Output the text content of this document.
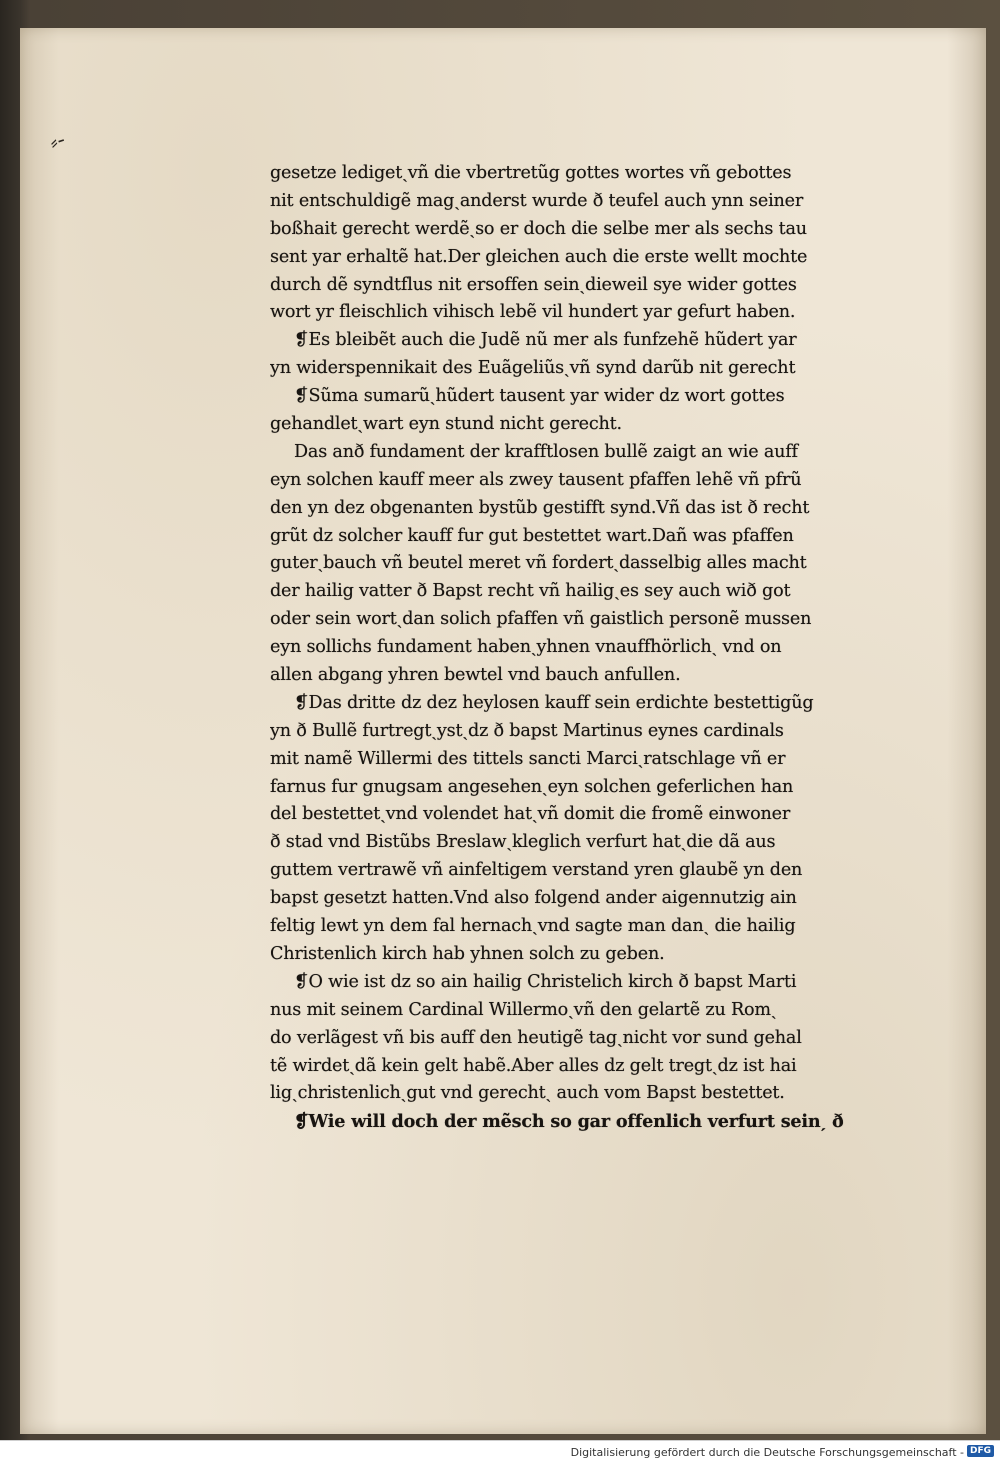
⸗‐
gesetze ledigetˏvñ die vbertretũg gottes wortes vñ gebottes
nit entschuldigẽ magˏanderst wurde ð teufel auch ynn seiner
boßhait gerecht werdẽˏso er doch die selbe mer als sechs tau
sent yar erhaltẽ hat.Der gleichen auch die erste wellt mochte
durch dẽ syndtflus nit ersoffen seinˏdieweil sye wider gottes
wort yr fleischlich vihisch lebẽ vil hundert yar gefurt haben.
❡Es bleibẽt auch die Judẽ nũ mer als funfzehẽ hũdert yar
yn widerspennikait des Euãgeliũsˏvñ synd darũb nit gerecht
❡Sũma sumarũˏhũdert tausent yar wider dz wort gottes
gehandletˏwart eyn stund nicht gerecht.
Das anð fundament der krafftlosen bullẽ zaigt an wie auff
eyn solchen kauff meer als zwey tausent pfaffen lehẽ vñ pfrũ
den yn dez obgenanten bystũb gestifft synd.Vñ das ist ð recht
grũt dz solcher kauff fur gut bestettet wart.Dañ was pfaffen
guterˏbauch vñ beutel meret vñ fordertˏdasselbig alles macht
der hailig vatter ð Bapst recht vñ hailigˏes sey auch wið got
oder sein wortˏdan solich pfaffen vñ gaistlich personẽ mussen
eyn sollichs fundament habenˏyhnen vnauffhörlichˏ vnd on
allen abgang yhren bewtel vnd bauch anfullen.
❡Das dritte dz dez heylosen kauff sein erdichte bestettigũg
yn ð Bullẽ furtregtˏystˏdz ð bapst Martinus eynes cardinals
mit namẽ Willermi des tittels sancti Marciˏratschlage vñ er
farnus fur gnugsam angesehenˏeyn solchen geferlichen han
del bestettetˏvnd volendet hatˏvñ domit die fromẽ einwoner
ð stad vnd Bistũbs Breslawˏkleglich verfurt hatˏdie dã aus
guttem vertrawẽ vñ ainfeltigem verstand yren glaubẽ yn den
bapst gesetzt hatten.Vnd also folgend ander aigennutzig ain
feltig lewt yn dem fal hernachˏvnd sagte man danˏ die hailig
Christenlich kirch hab yhnen solch zu geben.
❡O wie ist dz so ain hailig Christelich kirch ð bapst Marti
nus mit seinem Cardinal Willermoˏvñ den gelartẽ zu Romˏ
do verlãgest vñ bis auff den heutigẽ tagˏnicht vor sund gehal
tẽ wirdetˏdã kein gelt habẽ.Aber alles dz gelt tregtˏdz ist hai
ligˏchristenlichˏgut vnd gerechtˏ auch vom Bapst bestettet.
❡Wie will doch der mẽsch so gar offenlich verfurt seinˏ ð
Digitalisierung gefördert durch die Deutsche Forschungsgemeinschaft - DFG
